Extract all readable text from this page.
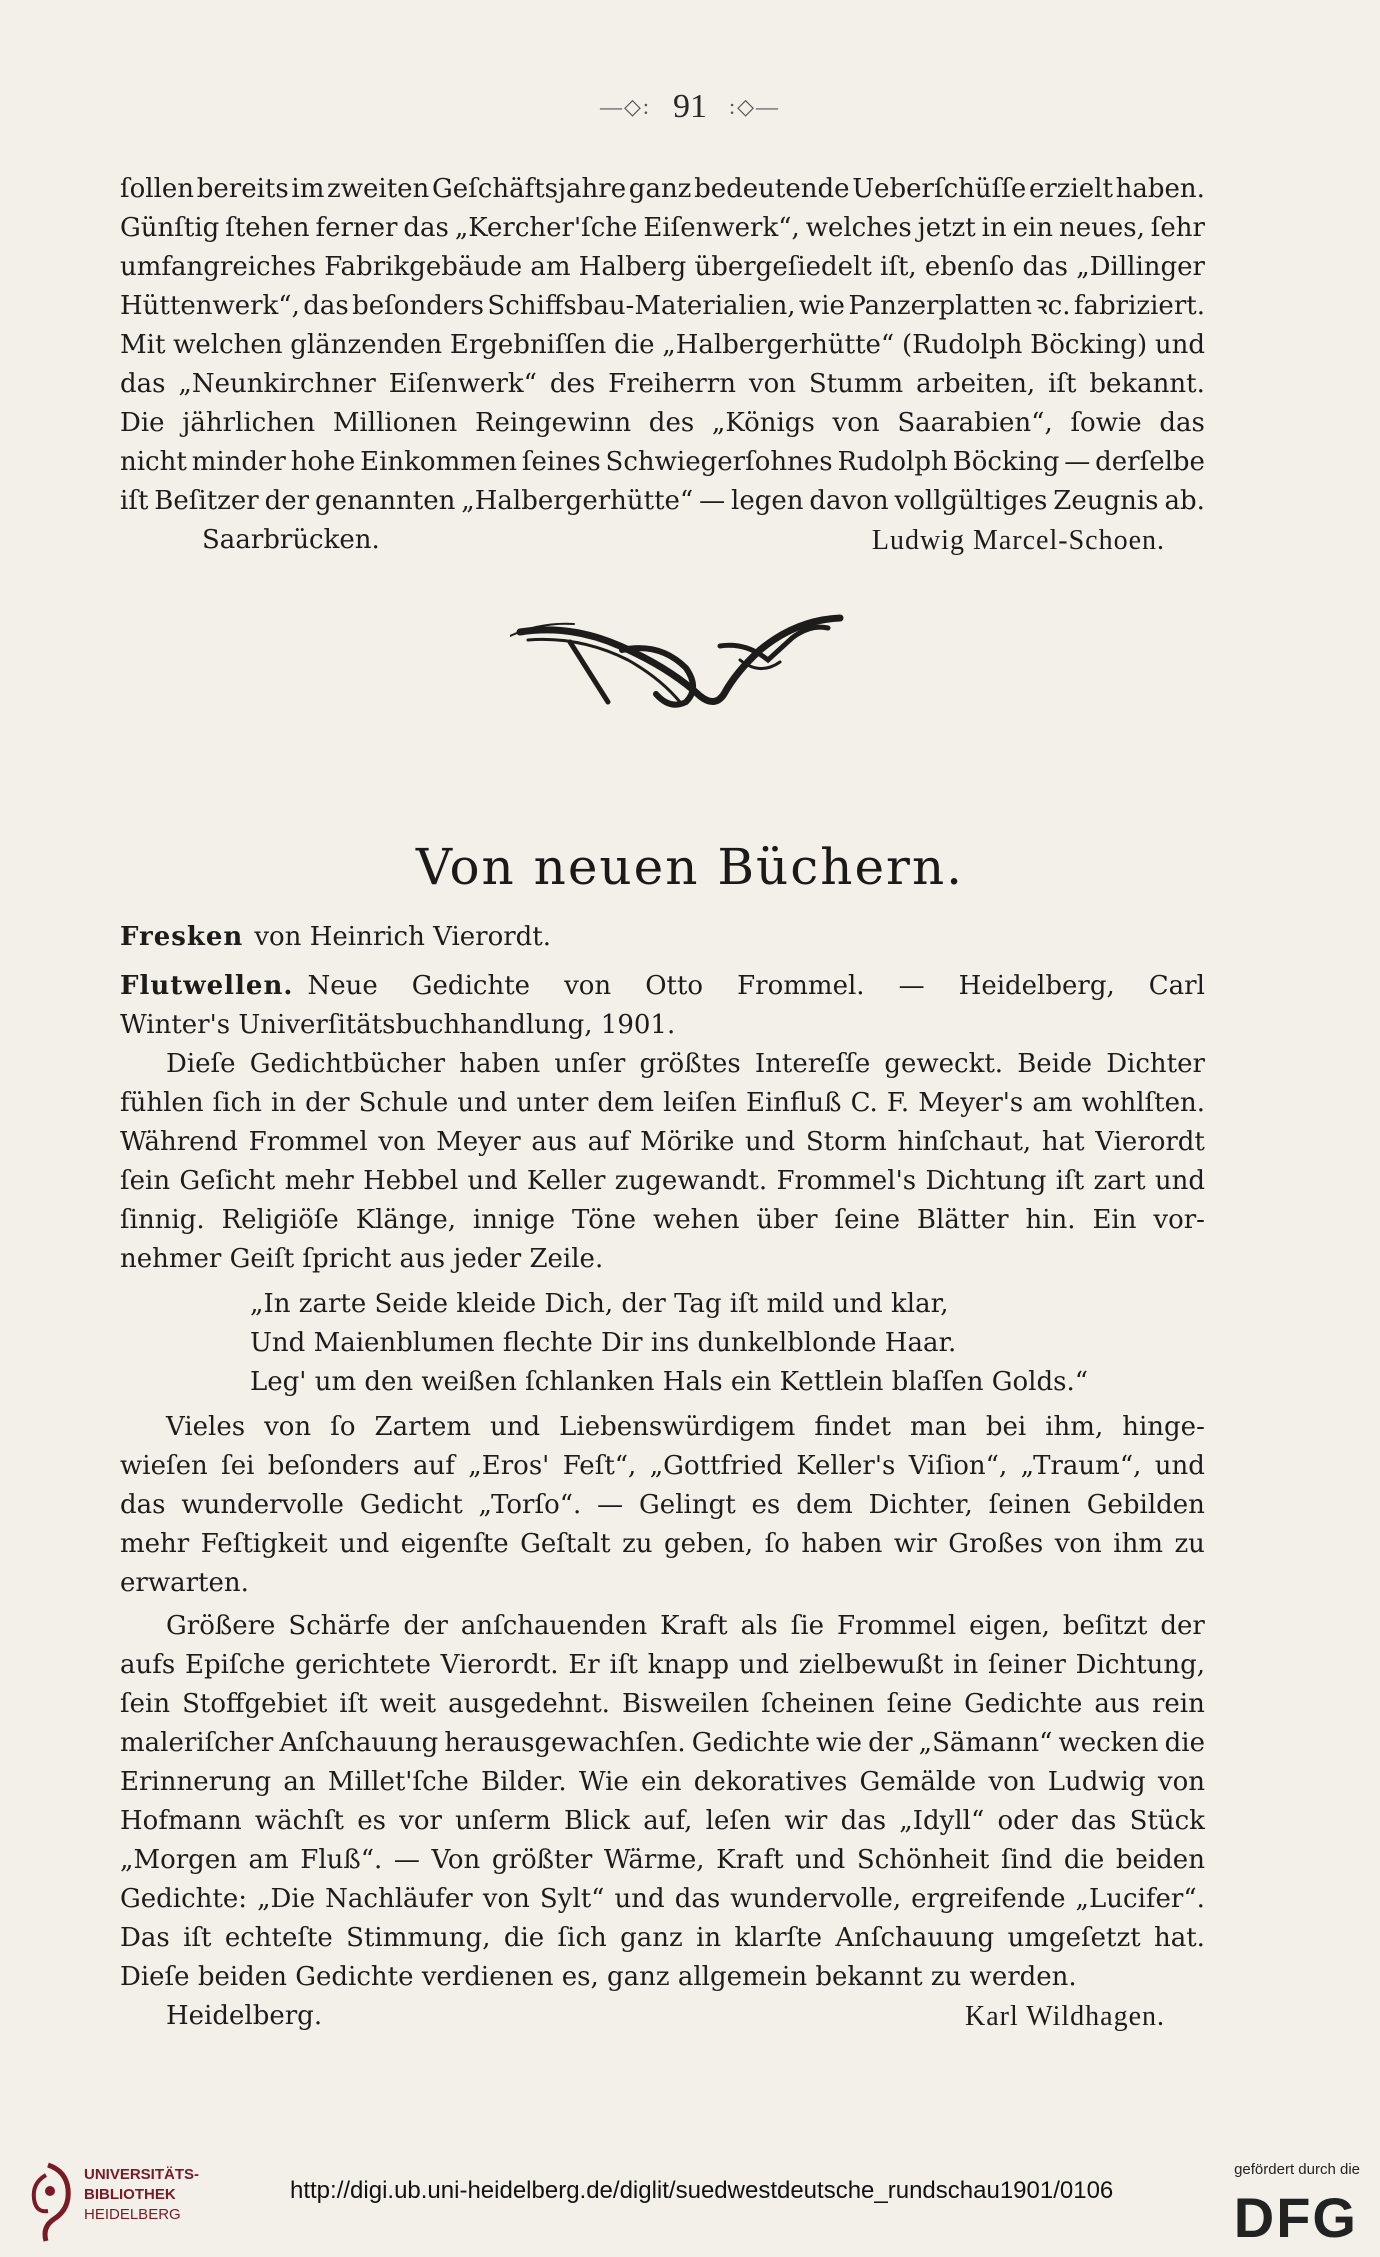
—◇: 91 :◇—
ſollen bereits im zweiten Geſchäftsjahre ganz bedeutende Ueberſchüſſe erzielt haben.
Günſtig ſtehen ferner das „Kercher'ſche Eiſenwerk“, welches jetzt in ein neues, ſehr
umfangreiches Fabrikgebäude am Halberg übergeſiedelt iſt, ebenſo das „Dillinger
Hüttenwerk“, das beſonders Schiffsbau-Materialien, wie Panzerplatten ꝛc. fabriziert.
Mit welchen glänzenden Ergebniſſen die „Halbergerhütte“ (Rudolph Böcking) und
das „Neunkirchner Eiſenwerk“ des Freiherrn von Stumm arbeiten, iſt bekannt.
Die jährlichen Millionen Reingewinn des „Königs von Saarabien“, ſowie das
nicht minder hohe Einkommen ſeines Schwiegerſohnes Rudolph Böcking — derſelbe
iſt Beſitzer der genannten „Halbergerhütte“ — legen davon vollgültiges Zeugnis ab.
Saarbrücken.	Ludwig Marcel-Schoen.
Von neuen Büchern.
Fresken von Heinrich Vierordt.
Flutwellen. Neue Gedichte von Otto Frommel. — Heidelberg, Carl
Winter's Univerſitätsbuchhandlung, 1901.
Dieſe Gedichtbücher haben unſer größtes Intereſſe geweckt. Beide Dichter
fühlen ſich in der Schule und unter dem leiſen Einfluß C. F. Meyer's am wohlſten.
Während Frommel von Meyer aus auf Mörike und Storm hinſchaut, hat Vierordt
ſein Geſicht mehr Hebbel und Keller zugewandt. Frommel's Dichtung iſt zart und
ſinnig. Religiöſe Klänge, innige Töne wehen über ſeine Blätter hin. Ein vor-
nehmer Geiſt ſpricht aus jeder Zeile.
„In zarte Seide kleide Dich, der Tag iſt mild und klar,
Und Maienblumen flechte Dir ins dunkelblonde Haar.
Leg' um den weißen ſchlanken Hals ein Kettlein blaſſen Golds.“
Vieles von ſo Zartem und Liebenswürdigem findet man bei ihm, hinge-
wieſen ſei beſonders auf „Eros' Feſt“, „Gottfried Keller's Viſion“, „Traum“, und
das wundervolle Gedicht „Torſo“. — Gelingt es dem Dichter, ſeinen Gebilden
mehr Feſtigkeit und eigenſte Geſtalt zu geben, ſo haben wir Großes von ihm zu
erwarten.
Größere Schärfe der anſchauenden Kraft als ſie Frommel eigen, beſitzt der
aufs Epiſche gerichtete Vierordt. Er iſt knapp und zielbewußt in ſeiner Dichtung,
ſein Stoffgebiet iſt weit ausgedehnt. Bisweilen ſcheinen ſeine Gedichte aus rein
maleriſcher Anſchauung herausgewachſen. Gedichte wie der „Sämann“ wecken die
Erinnerung an Millet'ſche Bilder. Wie ein dekoratives Gemälde von Ludwig von
Hofmann wächſt es vor unſerm Blick auf, leſen wir das „Idyll“ oder das Stück
„Morgen am Fluß“. — Von größter Wärme, Kraft und Schönheit ſind die beiden
Gedichte: „Die Nachläufer von Sylt“ und das wundervolle, ergreifende „Lucifer“.
Das iſt echteſte Stimmung, die ſich ganz in klarſte Anſchauung umgeſetzt hat.
Dieſe beiden Gedichte verdienen es, ganz allgemein bekannt zu werden.
Heidelberg.	Karl Wildhagen.
UNIVERSITÄTS-
BIBLIOTHEK
HEIDELBERG
http://digi.ub.uni-heidelberg.de/diglit/suedwestdeutsche_rundschau1901/0106
gefördert durch die
DFG
